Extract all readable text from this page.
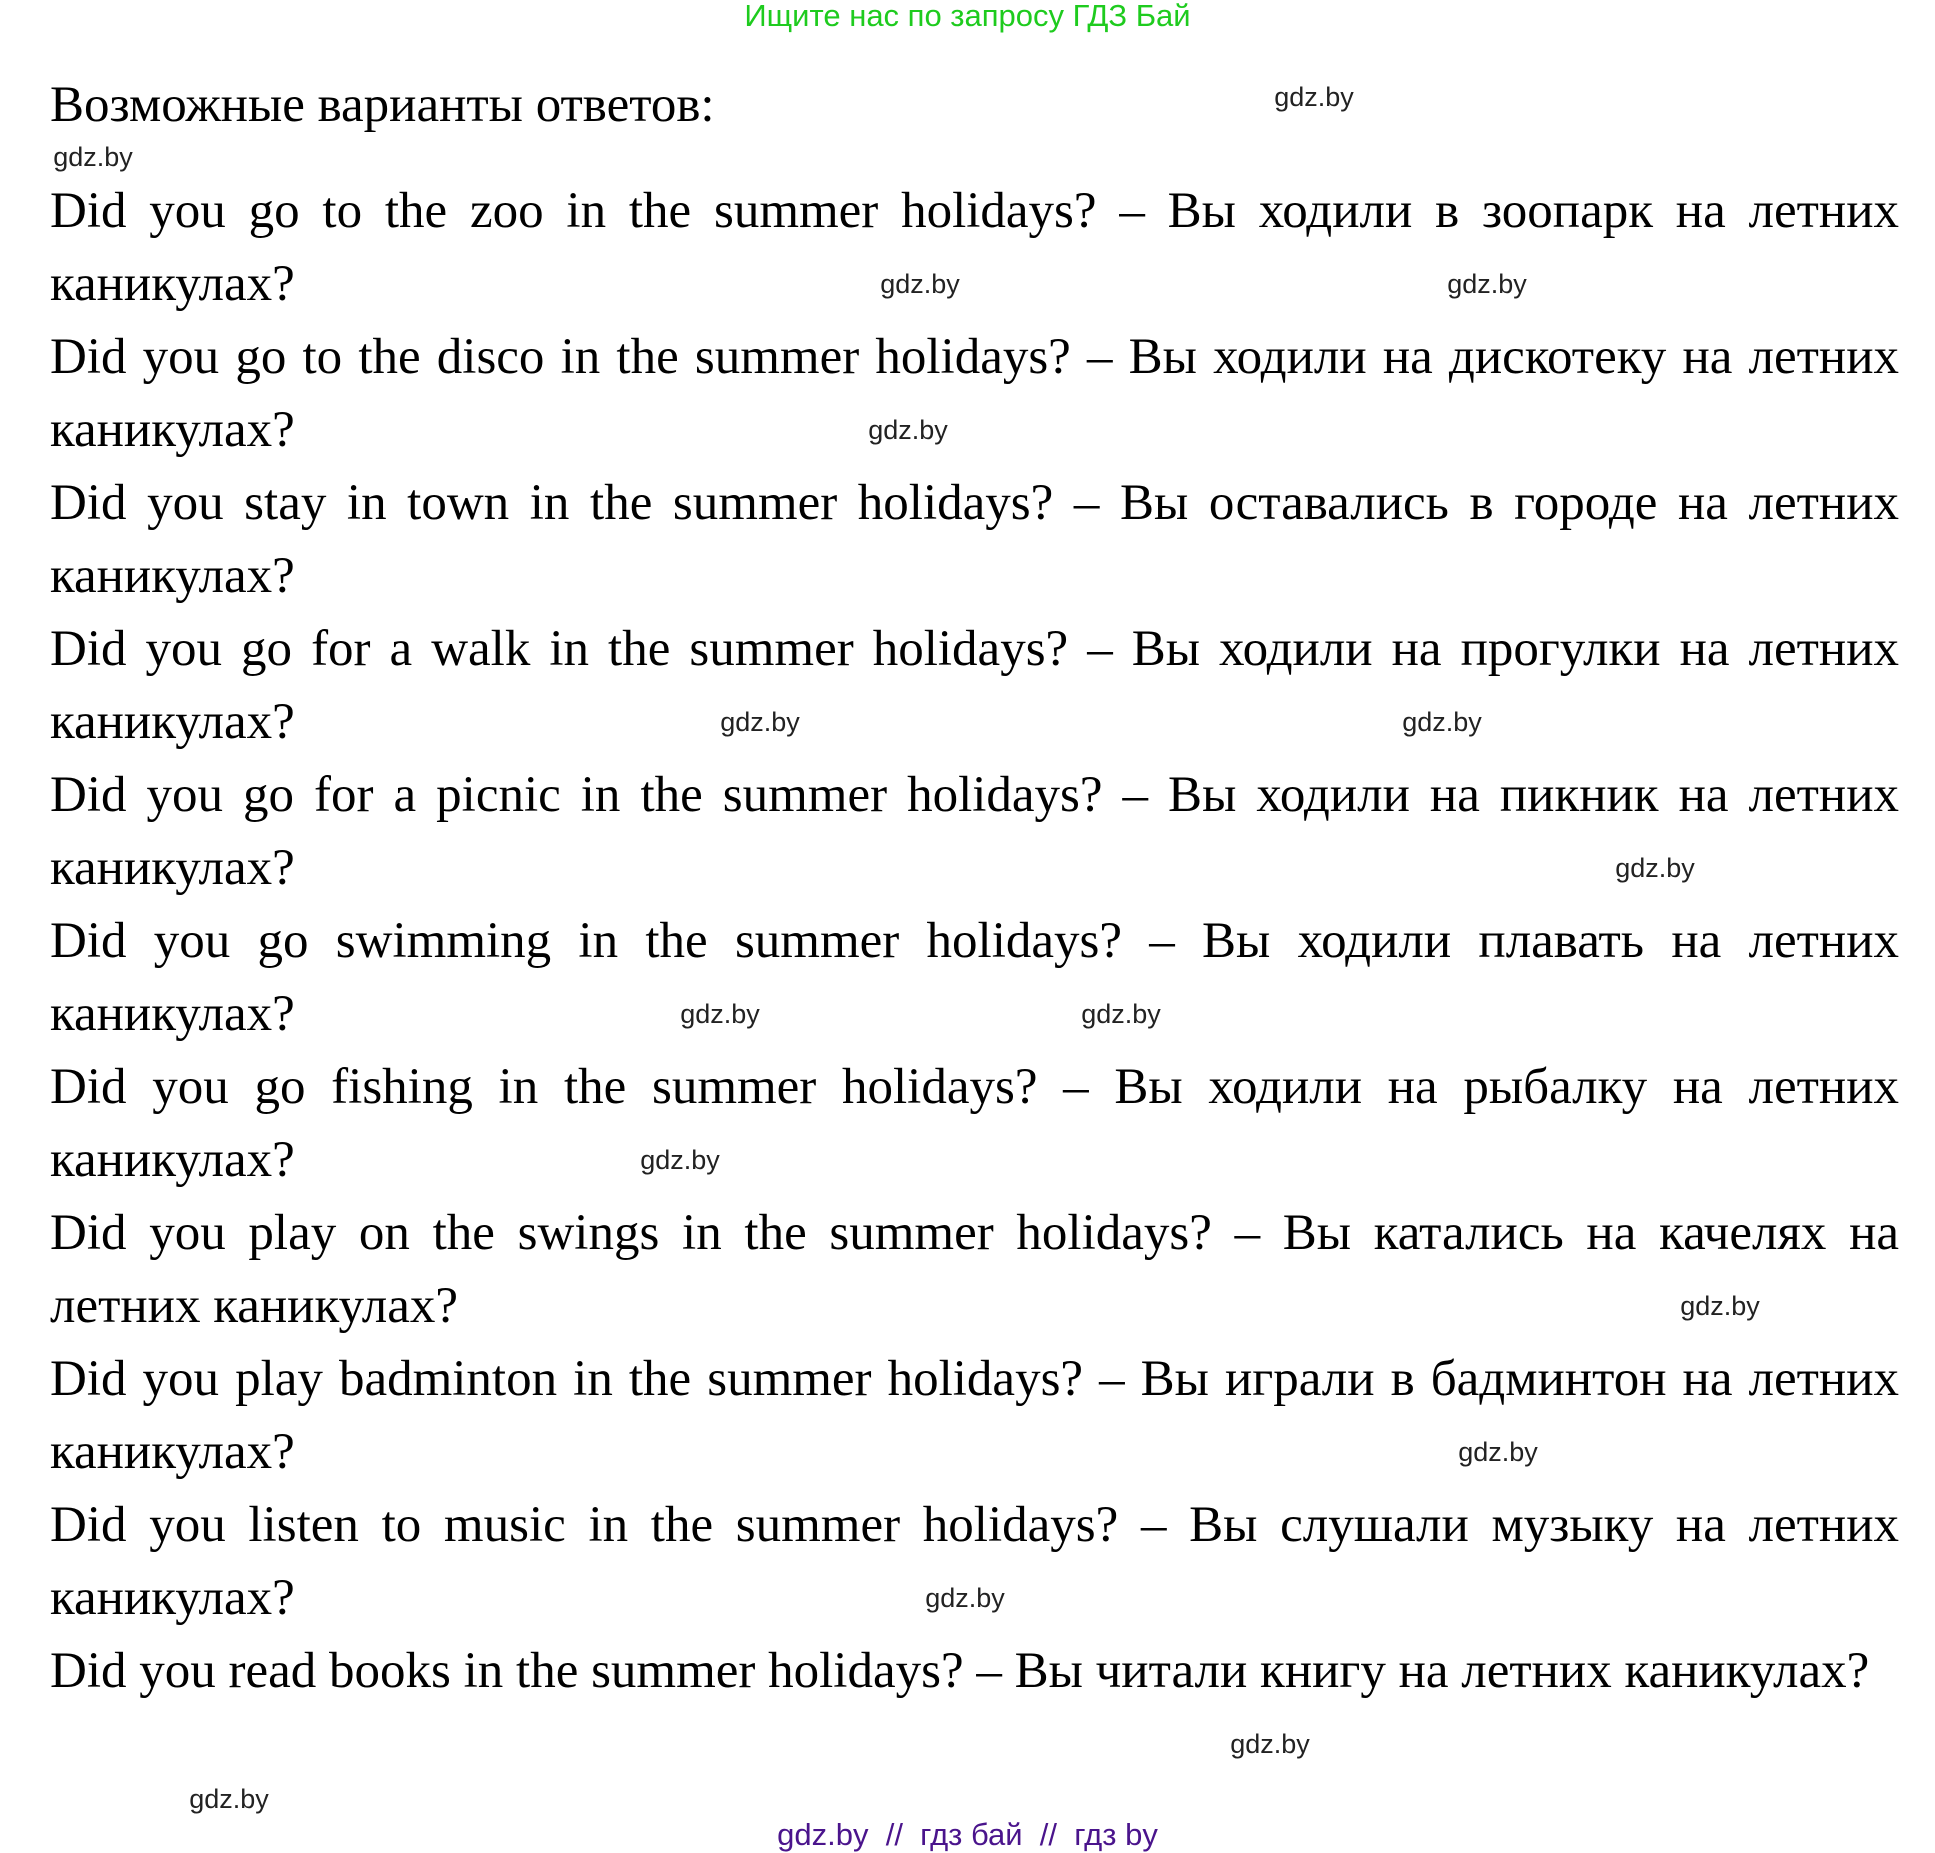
Ищите нас по запросу ГДЗ Бай
Возможные варианты ответов:

Did you go to the zoo in the summer holidays? – Вы ходили в зоопарк на летних каникулах?

Did you go to the disco in the summer holidays? – Вы ходили на дискотеку на летних каникулах?

Did you stay in town in the summer holidays? – Вы оставались в городе на летних каникулах?

Did you go for a walk in the summer holidays? – Вы ходили на прогулки на летних каникулах?

Did you go for a picnic in the summer holidays? – Вы ходили на пикник на летних каникулах?

Did you go swimming in the summer holidays? – Вы ходили плавать на летних каникулах?

Did you go fishing in the summer holidays? – Вы ходили на рыбалку на летних каникулах?

Did you play on the swings in the summer holidays? – Вы катались на качелях на летних каникулах?

Did you play badminton in the summer holidays? – Вы играли в бадминтон на летних каникулах?

Did you listen to music in the summer holidays? – Вы слушали музыку на летних каникулах?

Did you read books in the summer holidays? – Вы читали книгу на летних каникулах?

gdz.by
gdz.by
gdz.by	gdz.by
gdz.by
gdz.by
gdz.by
gdz.by
gdz.by	gdz.by
gdz.by
gdz.by
gdz.by
gdz.by
gdz.by
gdz.by
gdz.by  //  гдз бай  //  гдз by
